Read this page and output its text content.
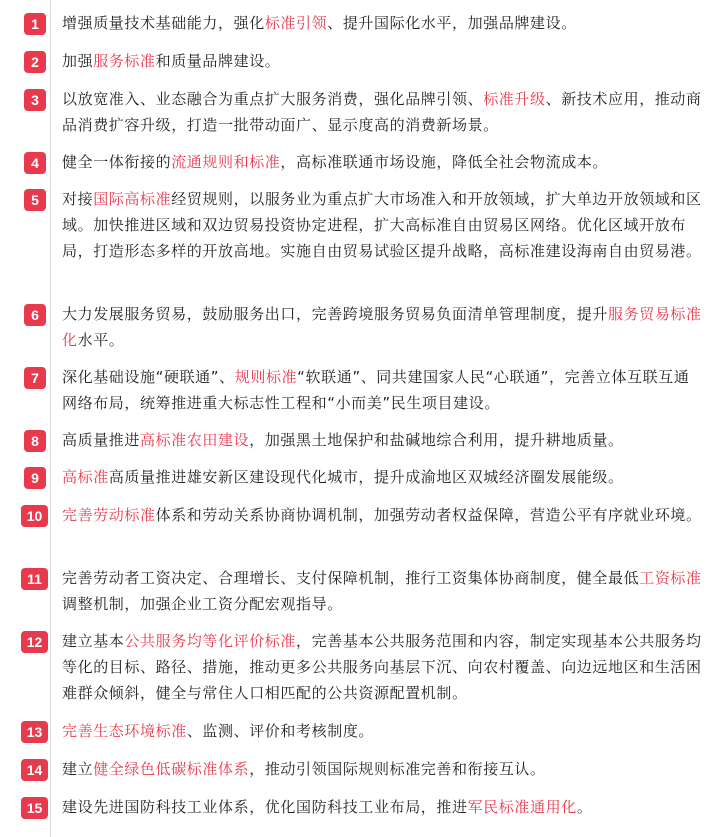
1	增强质量技术基础能力，强化标准引领、提升国际化水平，加强品牌建设。
2	加强服务标准和质量品牌建设。
3	以放宽准入、业态融合为重点扩大服务消费，强化品牌引领、标准升级、新技术应用，推动商品消费扩容升级，打造一批带动面广、显示度高的消费新场景。
4	健全一体衔接的流通规则和标准，高标准联通市场设施，降低全社会物流成本。
5	对接国际高标准经贸规则，以服务业为重点扩大市场准入和开放领域，扩大单边开放领域和区域。加快推进区域和双边贸易投资协定进程，扩大高标准自由贸易区网络。优化区域开放布局，打造形态多样的开放高地。实施自由贸易试验区提升战略，高标准建设海南自由贸易港。
6	大力发展服务贸易，鼓励服务出口，完善跨境服务贸易负面清单管理制度，提升服务贸易标准化水平。
7	深化基础设施“硬联通”、规则标准“软联通”、同共建国家人民“心联通”，完善立体互联互通网络布局，统筹推进重大标志性工程和“小而美”民生项目建设。
8	高质量推进高标准农田建设，加强黑土地保护和盐碱地综合利用，提升耕地质量。
9	高标准高质量推进雄安新区建设现代化城市，提升成渝地区双城经济圈发展能级。
10	完善劳动标准体系和劳动关系协商协调机制，加强劳动者权益保障，营造公平有序就业环境。
11	完善劳动者工资决定、合理增长、支付保障机制，推行工资集体协商制度，健全最低工资标准调整机制，加强企业工资分配宏观指导。
12	建立基本公共服务均等化评价标准，完善基本公共服务范围和内容，制定实现基本公共服务均等化的目标、路径、措施，推动更多公共服务向基层下沉、向农村覆盖、向边远地区和生活困难群众倾斜，健全与常住人口相匹配的公共资源配置机制。
13	完善生态环境标准、监测、评价和考核制度。
14	建立健全绿色低碳标准体系，推动引领国际规则标准完善和衔接互认。
15	建设先进国防科技工业体系，优化国防科技工业布局，推进军民标准通用化。
